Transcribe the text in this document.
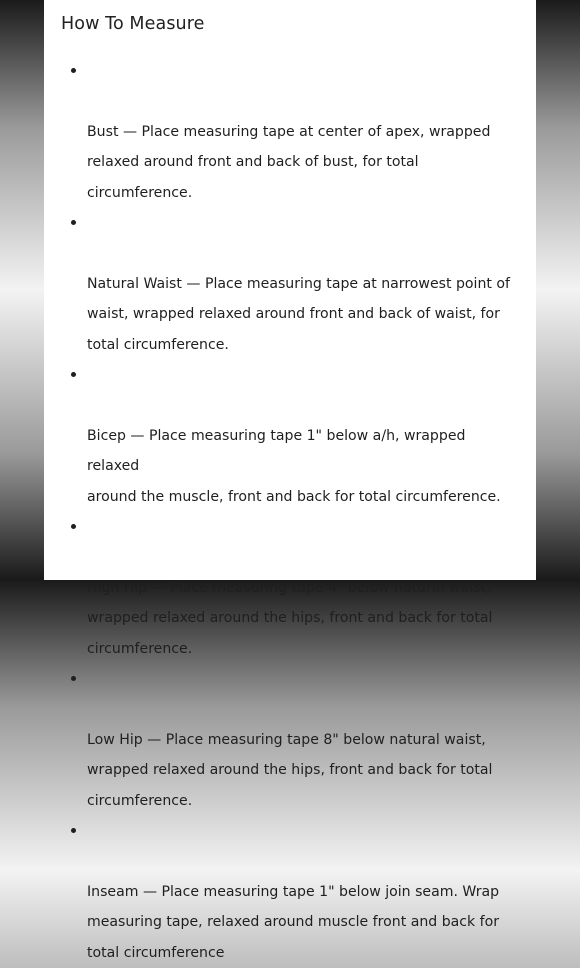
How To Measure

Bust — Place measuring tape at center of apex, wrapped
relaxed around front and back of bust, for total
circumference.

Natural Waist — Place measuring tape at narrowest point of
waist, wrapped relaxed around front and back of waist, for
total circumference.

Bicep — Place measuring tape 1" below a/h, wrapped relaxed
around the muscle, front and back for total circumference.

High Hip — Place measuring tape 4" below natural waist,
wrapped relaxed around the hips, front and back for total
circumference.

Low Hip — Place measuring tape 8" below natural waist,
wrapped relaxed around the hips, front and back for total
circumference.

Inseam — Place measuring tape 1" below join seam. Wrap
measuring tape, relaxed around muscle front and back for
total circumference
